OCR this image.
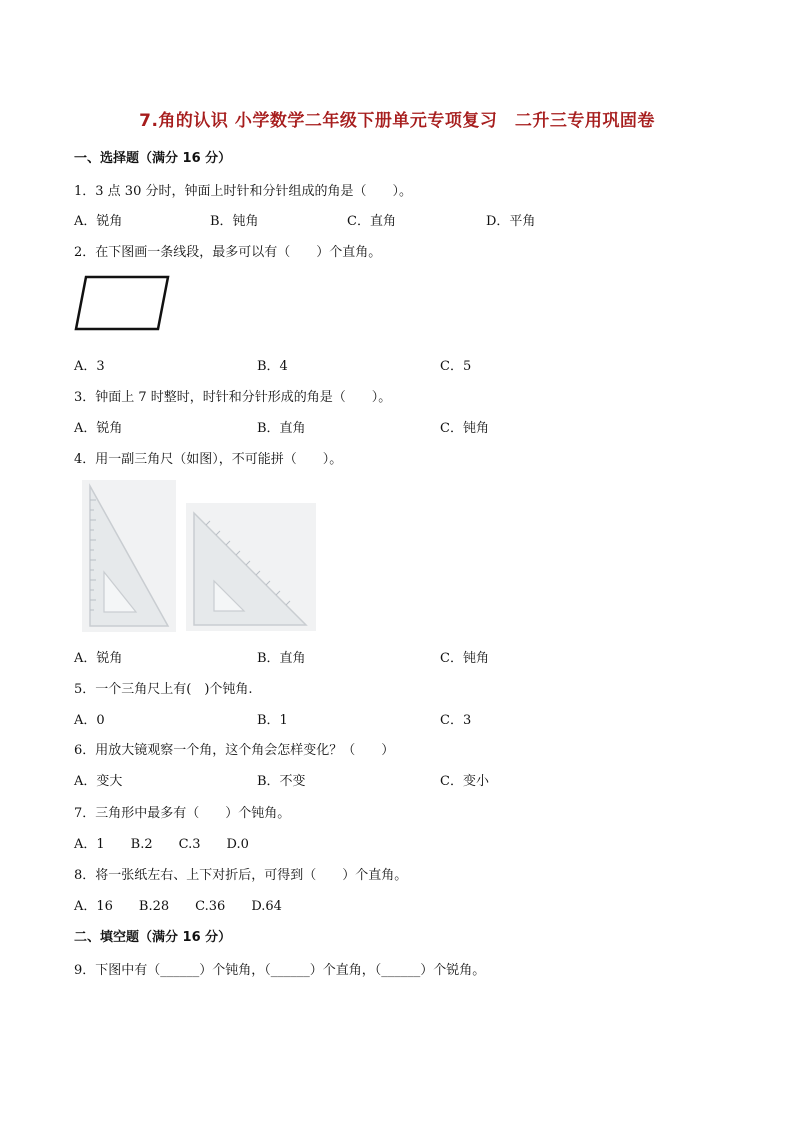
7.角的认识 小学数学二年级下册单元专项复习　二升三专用巩固卷
一、选择题（满分 16 分）
1．3 点 30 分时，钟面上时针和分针组成的角是（　　）。
A．锐角	B．钝角	C．直角	D．平角
2．在下图画一条线段，最多可以有（　　）个直角。
A．3	B．4	C．5
3．钟面上 7 时整时，时针和分针形成的角是（　　）。
A．锐角	B．直角	C．钝角
4．用一副三角尺（如图），不可能拼（　　）。
A．锐角	B．直角	C．钝角
5．一个三角尺上有(　)个钝角.
A．0	B．1	C．3
6．用放大镜观察一个角，这个角会怎样变化？（　　）
A．变大	B．不变	C．变小
7．三角形中最多有（　　）个钝角。
A．1　　B.2　　C.3　　D.0
8．将一张纸左右、上下对折后，可得到（　　）个直角。
A．16　　B.28　　C.36　　D.64
二、填空题（满分 16 分）
9．下图中有（______）个钝角，（______）个直角，（______）个锐角。
